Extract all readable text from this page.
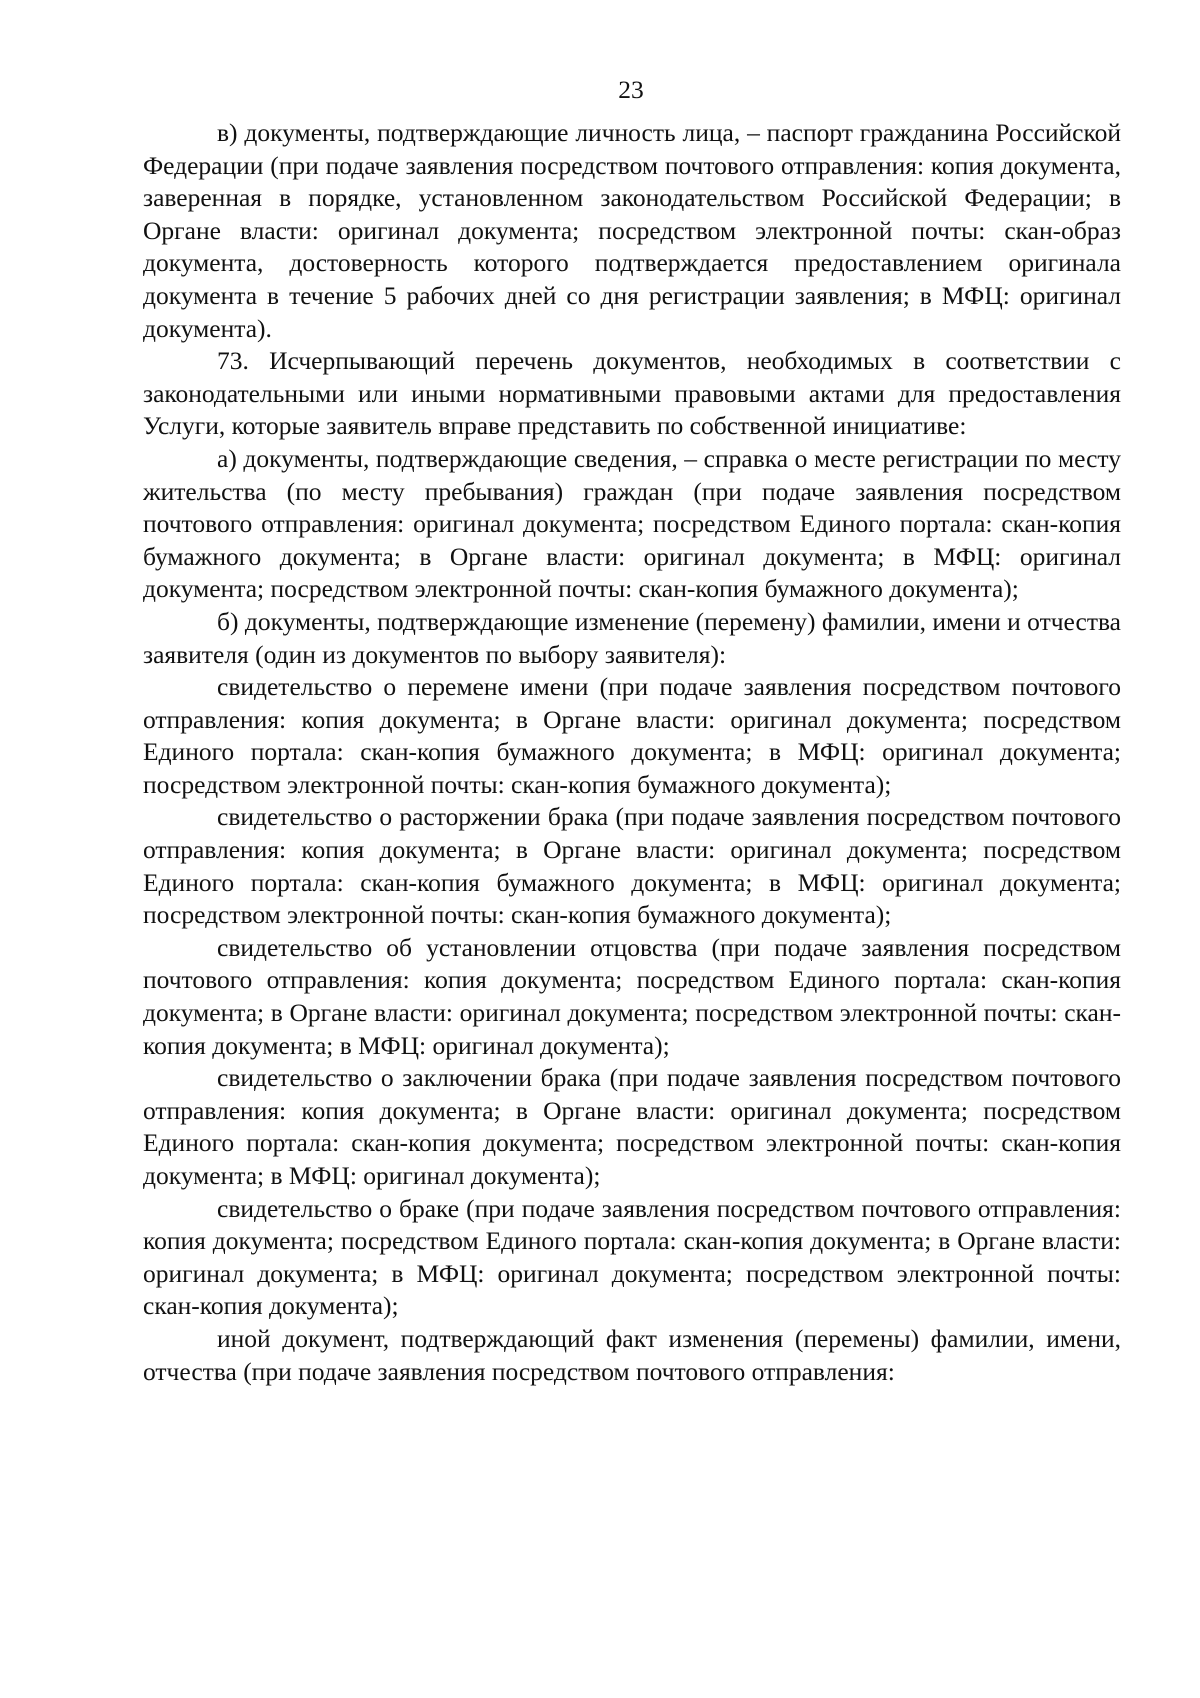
23

в) документы, подтверждающие личность лица, – паспорт гражданина Российской Федерации (при подаче заявления посредством почтового отправления: копия документа, заверенная в порядке, установленном законодательством Российской Федерации; в Органе власти: оригинал документа; посредством электронной почты: скан-образ документа, достоверность которого подтверждается предоставлением оригинала документа в течение 5 рабочих дней со дня регистрации заявления; в МФЦ: оригинал документа).

73. Исчерпывающий перечень документов, необходимых в соответствии с законодательными или иными нормативными правовыми актами для предоставления Услуги, которые заявитель вправе представить по собственной инициативе:

а) документы, подтверждающие сведения, – справка о месте регистрации по месту жительства (по месту пребывания) граждан (при подаче заявления посредством почтового отправления: оригинал документа; посредством Единого портала: скан-копия бумажного документа; в Органе власти: оригинал документа; в МФЦ: оригинал документа; посредством электронной почты: скан-копия бумажного документа);

б) документы, подтверждающие изменение (перемену) фамилии, имени и отчества заявителя (один из документов по выбору заявителя):

свидетельство о перемене имени (при подаче заявления посредством почтового отправления: копия документа; в Органе власти: оригинал документа; посредством Единого портала: скан-копия бумажного документа; в МФЦ: оригинал документа; посредством электронной почты: скан-копия бумажного документа);

свидетельство о расторжении брака (при подаче заявления посредством почтового отправления: копия документа; в Органе власти: оригинал документа; посредством Единого портала: скан-копия бумажного документа; в МФЦ: оригинал документа; посредством электронной почты: скан-копия бумажного документа);

свидетельство об установлении отцовства (при подаче заявления посредством почтового отправления: копия документа; посредством Единого портала: скан-копия документа; в Органе власти: оригинал документа; посредством электронной почты: скан-копия документа; в МФЦ: оригинал документа);

свидетельство о заключении брака (при подаче заявления посредством почтового отправления: копия документа; в Органе власти: оригинал документа; посредством Единого портала: скан-копия документа; посредством электронной почты: скан-копия документа; в МФЦ: оригинал документа);

свидетельство о браке (при подаче заявления посредством почтового отправления: копия документа; посредством Единого портала: скан-копия документа; в Органе власти: оригинал документа; в МФЦ: оригинал документа; посредством электронной почты: скан-копия документа);

иной документ, подтверждающий факт изменения (перемены) фамилии, имени, отчества (при подаче заявления посредством почтового отправления:
